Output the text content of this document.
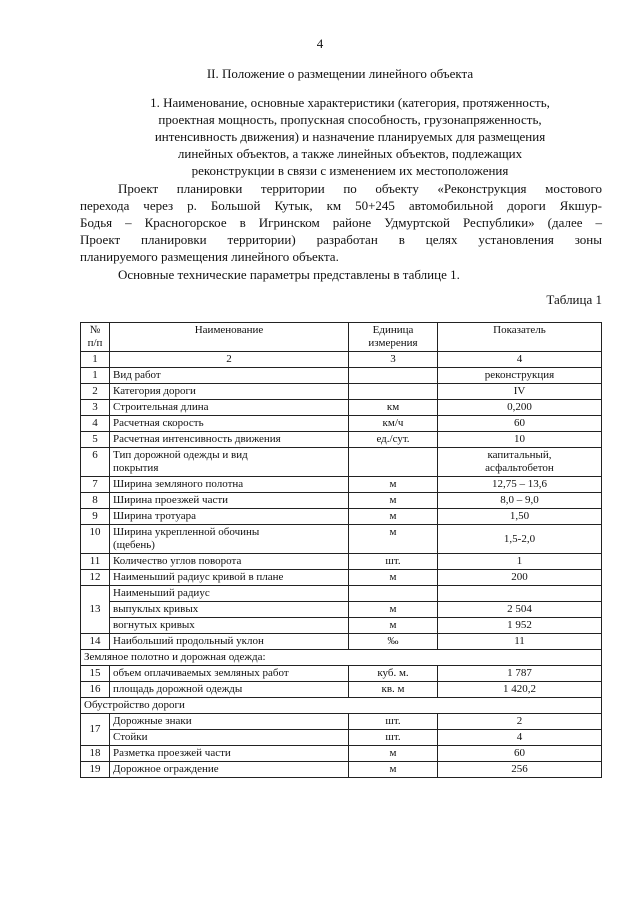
4
II. Положение о размещении линейного объекта
1. Наименование, основные характеристики (категория, протяженность,
проектная мощность, пропускная способность, грузонапряженность,
интенсивность движения) и назначение планируемых для размещения
линейных объектов, а также линейных объектов, подлежащих
реконструкции в связи с изменением их местоположения
Проект планировки территории по объекту «Реконструкция мостового
перехода через р. Большой Кутык, км 50+245 автомобильной дороги Якшур-
Бодья – Красногорское в Игринском районе Удмуртской Республики» (далее –
Проект планировки территории) разработан в целях установления зоны
планируемого размещения линейного объекта.
Основные технические параметры представлены в таблице 1.
Таблица 1
№ п/п	Наименование	Единица измерения	Показатель
1	2	3	4
1	Вид работ		реконструкция
2	Категория дороги		IV
3	Строительная длина	км	0,200
4	Расчетная скорость	км/ч	60
5	Расчетная интенсивность движения	ед./сут.	10
6	Тип дорожной одежды и вид
покрытия		капитальный,
асфальтобетон

7	Ширина земляного полотна	м	12,75 – 13,6
8	Ширина проезжей части	м	8,0 – 9,0
9	Ширина тротуара	м	1,50
10	Ширина укрепленной обочины
(щебень)	м	1,5-2,0
11	Количество углов поворота	шт.	1
12	Наименьший радиус кривой в плане	м	200
13	Наименьший радиус		
	выпуклых кривых	м	2 504
	вогнутых кривых	м	1 952
14	Наибольший продольный уклон	‰	11
Земляное полотно и дорожная одежда:			
15	объем оплачиваемых земляных работ	куб. м.	1 787
16	площадь дорожной одежды	кв. м	1 420,2
Обустройство дороги			
17	Дорожные знаки	шт.	2
	Стойки	шт.	4
18	Разметка проезжей части	м	60
19	Дорожное ограждение	м	256
